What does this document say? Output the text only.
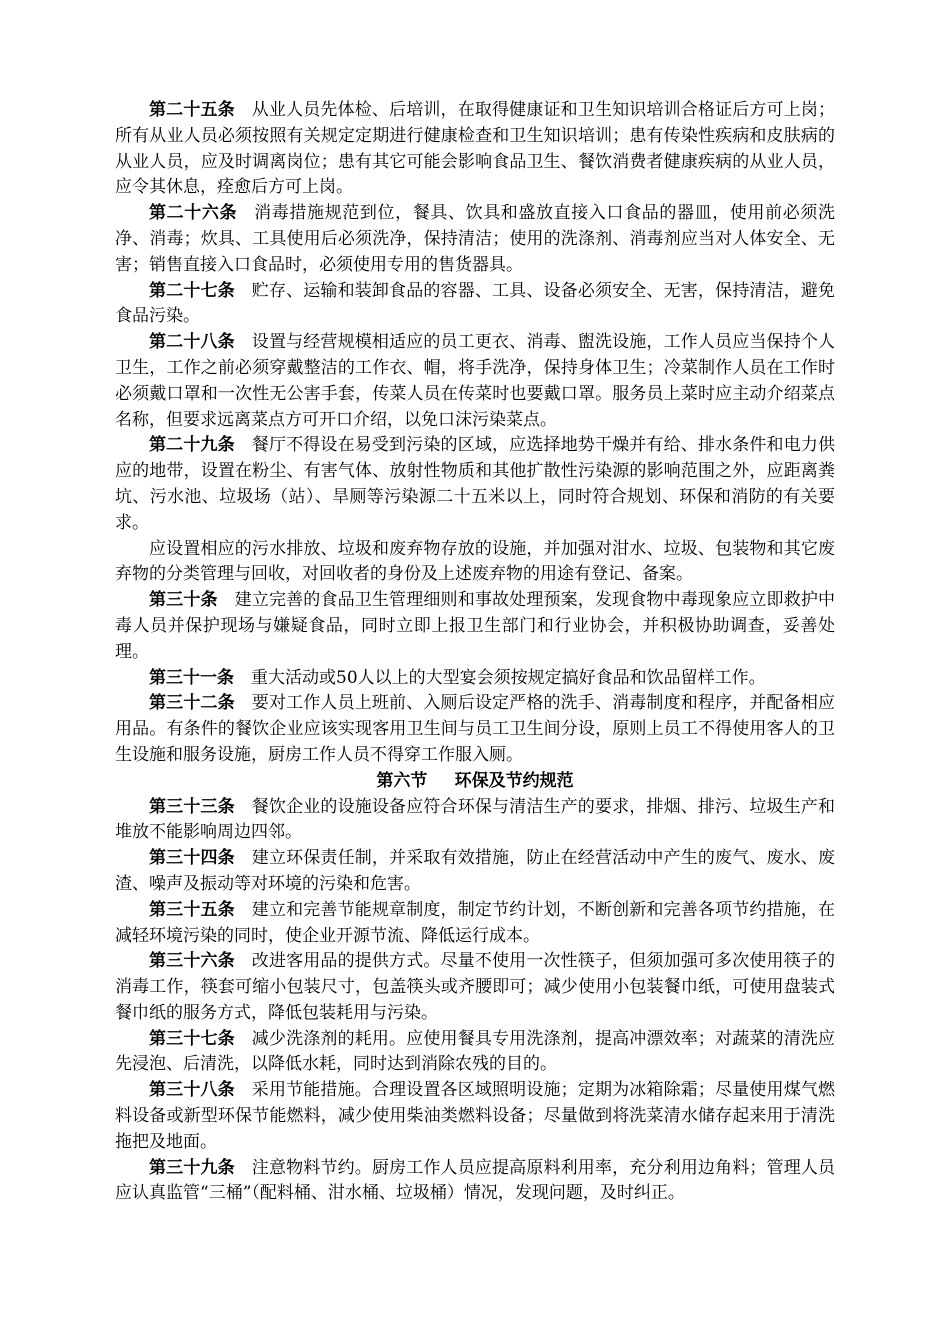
第二十五条 从业人员先体检、后培训，在取得健康证和卫生知识培训合格证后方可上岗；所有从业人员必须按照有关规定定期进行健康检查和卫生知识培训；患有传染性疾病和皮肤病的从业人员，应及时调离岗位；患有其它可能会影响食品卫生、餐饮消费者健康疾病的从业人员，应令其休息，痊愈后方可上岗。

第二十六条 消毒措施规范到位，餐具、饮具和盛放直接入口食品的器皿，使用前必须洗净、消毒；炊具、工具使用后必须洗净，保持清洁；使用的洗涤剂、消毒剂应当对人体安全、无害；销售直接入口食品时，必须使用专用的售货器具。

第二十七条 贮存、运输和装卸食品的容器、工具、设备必须安全、无害，保持清洁，避免食品污染。

第二十八条 设置与经营规模相适应的员工更衣、消毒、盥洗设施，工作人员应当保持个人卫生，工作之前必须穿戴整洁的工作衣、帽，将手洗净，保持身体卫生；冷菜制作人员在工作时必须戴口罩和一次性无公害手套，传菜人员在传菜时也要戴口罩。服务员上菜时应主动介绍菜点名称，但要求远离菜点方可开口介绍，以免口沫污染菜点。

第二十九条 餐厅不得设在易受到污染的区域，应选择地势干燥并有给、排水条件和电力供应的地带，设置在粉尘、有害气体、放射性物质和其他扩散性污染源的影响范围之外，应距离粪坑、污水池、垃圾场（站）、旱厕等污染源二十五米以上，同时符合规划、环保和消防的有关要求。

应设置相应的污水排放、垃圾和废弃物存放的设施，并加强对泔水、垃圾、包装物和其它废弃物的分类管理与回收，对回收者的身份及上述废弃物的用途有登记、备案。

第三十条 建立完善的食品卫生管理细则和事故处理预案，发现食物中毒现象应立即救护中毒人员并保护现场与嫌疑食品，同时立即上报卫生部门和行业协会，并积极协助调查，妥善处理。

第三十一条 重大活动或50人以上的大型宴会须按规定搞好食品和饮品留样工作。

第三十二条 要对工作人员上班前、入厕后设定严格的洗手、消毒制度和程序，并配备相应用品。有条件的餐饮企业应该实现客用卫生间与员工卫生间分设，原则上员工不得使用客人的卫生设施和服务设施，厨房工作人员不得穿工作服入厕。

第六节 环保及节约规范

第三十三条 餐饮企业的设施设备应符合环保与清洁生产的要求，排烟、排污、垃圾生产和堆放不能影响周边四邻。

第三十四条 建立环保责任制，并采取有效措施，防止在经营活动中产生的废气、废水、废渣、噪声及振动等对环境的污染和危害。

第三十五条 建立和完善节能规章制度，制定节约计划，不断创新和完善各项节约措施，在减轻环境污染的同时，使企业开源节流、降低运行成本。

第三十六条 改进客用品的提供方式。尽量不使用一次性筷子，但须加强可多次使用筷子的消毒工作，筷套可缩小包装尺寸，包盖筷头或齐腰即可；减少使用小包装餐巾纸，可使用盘装式餐巾纸的服务方式，降低包装耗用与污染。

第三十七条 减少洗涤剂的耗用。应使用餐具专用洗涤剂，提高冲漂效率；对蔬菜的清洗应先浸泡、后清洗，以降低水耗，同时达到消除农残的目的。

第三十八条 采用节能措施。合理设置各区域照明设施；定期为冰箱除霜；尽量使用煤气燃料设备或新型环保节能燃料，减少使用柴油类燃料设备；尽量做到将洗菜清水储存起来用于清洗拖把及地面。

第三十九条 注意物料节约。厨房工作人员应提高原料利用率，充分利用边角料；管理人员应认真监管“三桶”（配料桶、泔水桶、垃圾桶）情况，发现问题，及时纠正。
